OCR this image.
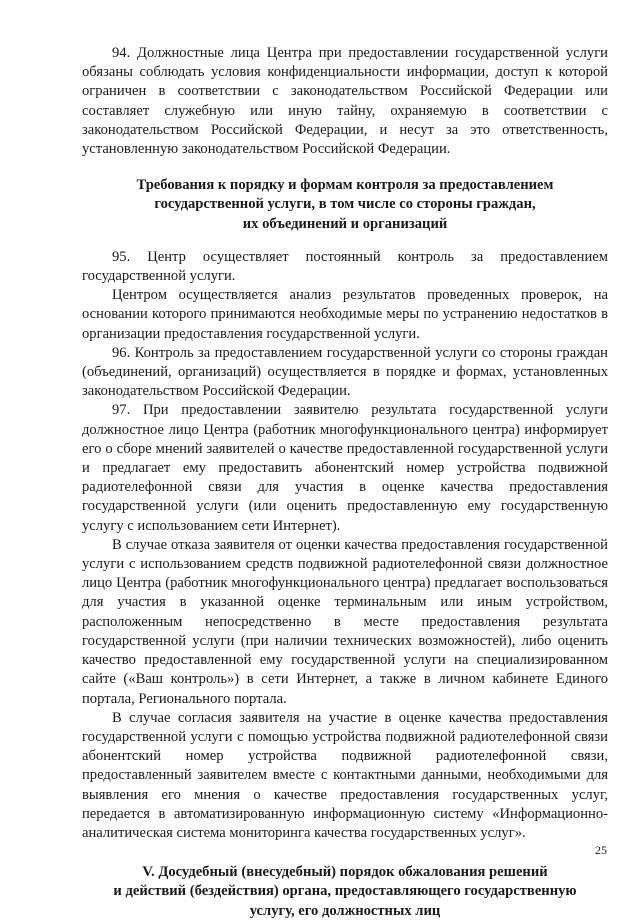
94. Должностные лица Центра при предоставлении государственной услуги обязаны соблюдать условия конфиденциальности информации, доступ к которой ограничен в соответствии с законодательством Российской Федерации или составляет служебную или иную тайну, охраняемую в соответствии с законодательством Российской Федерации, и несут за это ответственность, установленную законодательством Российской Федерации.

Требования к порядку и формам контроля за предоставлением
государственной услуги, в том числе со стороны граждан,
их объединений и организаций

95. Центр осуществляет постоянный контроль за предоставлением государственной услуги.

Центром осуществляется анализ результатов проведенных проверок, на основании которого принимаются необходимые меры по устранению недостатков в организации предоставления государственной услуги.

96. Контроль за предоставлением государственной услуги со стороны граждан (объединений, организаций) осуществляется в порядке и формах, установленных законодательством Российской Федерации.

97. При предоставлении заявителю результата государственной услуги должностное лицо Центра (работник многофункционального центра) информирует его о сборе мнений заявителей о качестве предоставленной государственной услуги и предлагает ему предоставить абонентский номер устройства подвижной радиотелефонной связи для участия в оценке качества предоставления государственной услуги (или оценить предоставленную ему государственную услугу с использованием сети Интернет).

В случае отказа заявителя от оценки качества предоставления государственной услуги с использованием средств подвижной радиотелефонной связи должностное лицо Центра (работник многофункционального центра) предлагает воспользоваться для участия в указанной оценке терминальным или иным устройством, расположенным непосредственно в месте предоставления результата государственной услуги (при наличии технических возможностей), либо оценить качество предоставленной ему государственной услуги на специализированном сайте («Ваш контроль») в сети Интернет, а также в личном кабинете Единого портала, Регионального портала.

В случае согласия заявителя на участие в оценке качества предоставления государственной услуги с помощью устройства подвижной радиотелефонной связи абонентский номер устройства подвижной радиотелефонной связи, предоставленный заявителем вместе с контактными данными, необходимыми для выявления его мнения о качестве предоставления государственных услуг, передается в автоматизированную информационную систему «Информационно-аналитическая система мониторинга качества государственных услуг».

V. Досудебный (внесудебный) порядок обжалования решений
и действий (бездействия) органа, предоставляющего государственную
услугу, его должностных лиц
25
